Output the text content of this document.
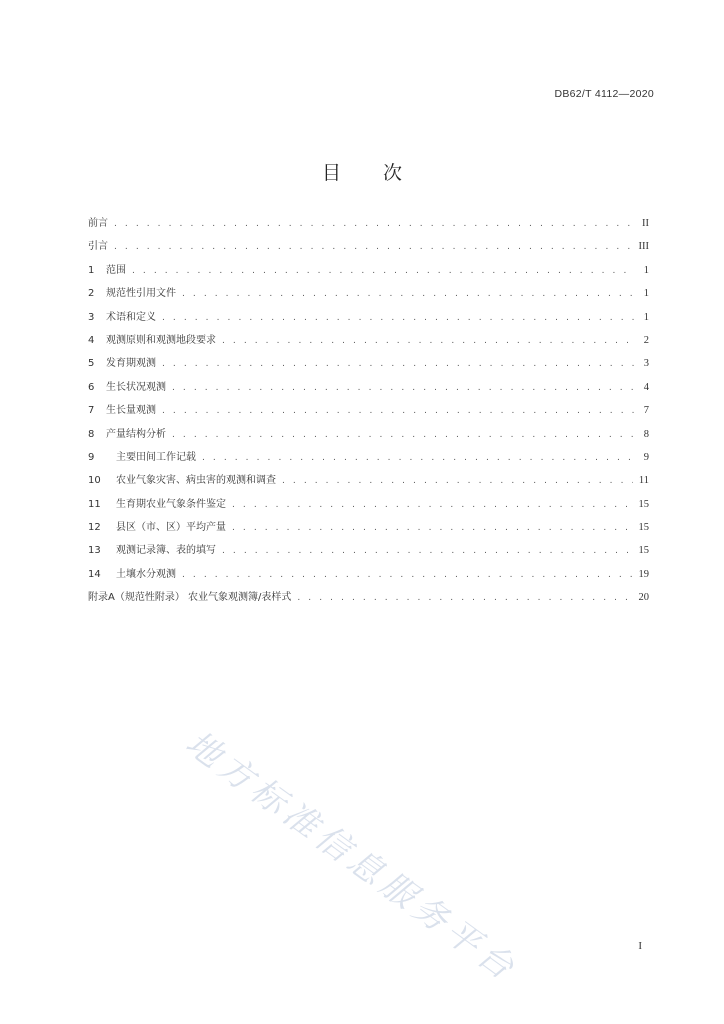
DB62/T 4112—2020
目 次
前言 . . .	II
引言 . . .	III
1	范围 . . .	1
2	规范性引用文件 . . .	1
3	术语和定义 . . .	1
4	观测原则和观测地段要求 . . .	2
5	发育期观测 . . .	3
6	生长状况观测 . . .	4
7	生长量观测 . . .	7
8	产量结构分析 . . .	8
9	主要田间工作记载 . . .	9
10	农业气象灾害、病虫害的观测和调查 . . .	11
11	生育期农业气象条件鉴定 . . .	15
12	县区（市、区）平均产量 . . .	15
13	观测记录簿、表的填写 . . .	15
14	土壤水分观测 . . .	19
附录A（规范性附录） 农业气象观测簿/表样式 . . .	20
地方标准信息服务平台	I
